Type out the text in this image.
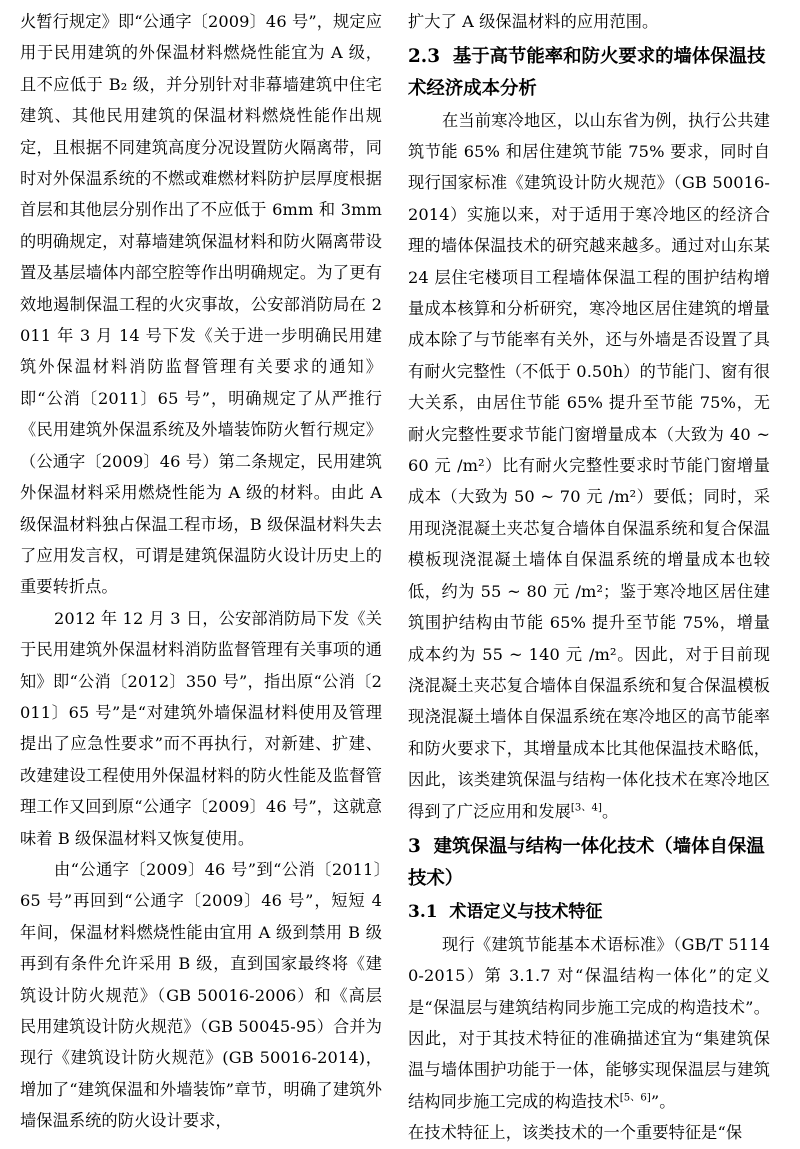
火暂行规定》即“公通字〔2009〕46 号”，规定应用于民用建筑的外保温材料燃烧性能宜为 A 级，且不应低于 B₂ 级，并分别针对非幕墙建筑中住宅建筑、其他民用建筑的保温材料燃烧性能作出规定，且根据不同建筑高度分况设置防火隔离带，同时对外保温系统的不燃或难燃材料防护层厚度根据首层和其他层分别作出了不应低于 6mm 和 3mm 的明确规定，对幕墙建筑保温材料和防火隔离带设置及基层墙体内部空腔等作出明确规定。为了更有效地遏制保温工程的火灾事故，公安部消防局在 2011 年 3 月 14 号下发《关于进一步明确民用建筑外保温材料消防监督管理有关要求的通知》即“公消〔2011〕65 号”，明确规定了从严推行《民用建筑外保温系统及外墙装饰防火暂行规定》（公通字〔2009〕46 号）第二条规定，民用建筑外保温材料采用燃烧性能为 A 级的材料。由此 A 级保温材料独占保温工程市场，B 级保温材料失去了应用发言权，可谓是建筑保温防火设计历史上的重要转折点。

2012 年 12 月 3 日，公安部消防局下发《关于民用建筑外保温材料消防监督管理有关事项的通知》即“公消〔2012〕350 号”，指出原“公消〔2011〕65 号”是“对建筑外墙保温材料使用及管理提出了应急性要求”而不再执行，对新建、扩建、改建建设工程使用外保温材料的防火性能及监督管理工作又回到原“公通字〔2009〕46 号”，这就意味着 B 级保温材料又恢复使用。

由“公通字〔2009〕46 号”到“公消〔2011〕65 号”再回到“公通字〔2009〕46 号”，短短 4 年间，保温材料燃烧性能由宜用 A 级到禁用 B 级再到有条件允许采用 B 级，直到国家最终将《建筑设计防火规范》（GB 50016-2006）和《高层民用建筑设计防火规范》（GB 50045-95）合并为现行《建筑设计防火规范》(GB 50016-2014)，增加了“建筑保温和外墙装饰”章节，明确了建筑外墙保温系统的防火设计要求，

扩大了 A 级保温材料的应用范围。

2.3 基于高节能率和防火要求的墙体保温技术经济成本分析

在当前寒冷地区，以山东省为例，执行公共建筑节能 65% 和居住建筑节能 75% 要求，同时自现行国家标准《建筑设计防火规范》（GB 50016-2014）实施以来，对于适用于寒冷地区的经济合理的墙体保温技术的研究越来越多。通过对山东某 24 层住宅楼项目工程墙体保温工程的围护结构增量成本核算和分析研究，寒冷地区居住建筑的增量成本除了与节能率有关外，还与外墙是否设置了具有耐火完整性（不低于 0.50h）的节能门、窗有很大关系，由居住节能 65% 提升至节能 75%，无耐火完整性要求节能门窗增量成本（大致为 40 ~ 60 元 /m²）比有耐火完整性要求时节能门窗增量成本（大致为 50 ~ 70 元 /m²）要低；同时，采用现浇混凝土夹芯复合墙体自保温系统和复合保温模板现浇混凝土墙体自保温系统的增量成本也较低，约为 55 ~ 80 元 /m²；鉴于寒冷地区居住建筑围护结构由节能 65% 提升至节能 75%，增量成本约为 55 ~ 140 元 /m²。因此，对于目前现浇混凝土夹芯复合墙体自保温系统和复合保温模板现浇混凝土墙体自保温系统在寒冷地区的高节能率和防火要求下，其增量成本比其他保温技术略低，因此，该类建筑保温与结构一体化技术在寒冷地区得到了广泛应用和发展[3、4]。

3 建筑保温与结构一体化技术（墙体自保温技术）
3.1 术语定义与技术特征

现行《建筑节能基本术语标准》（GB/T 51140-2015）第 3.1.7 对“保温结构一体化”的定义是“保温层与建筑结构同步施工完成的构造技术”。因此，对于其技术特征的准确描述宜为“集建筑保温与墙体围护功能于一体，能够实现保温层与建筑结构同步施工完成的构造技术[5、6]”。

在技术特征上，该类技术的一个重要特征是“保
